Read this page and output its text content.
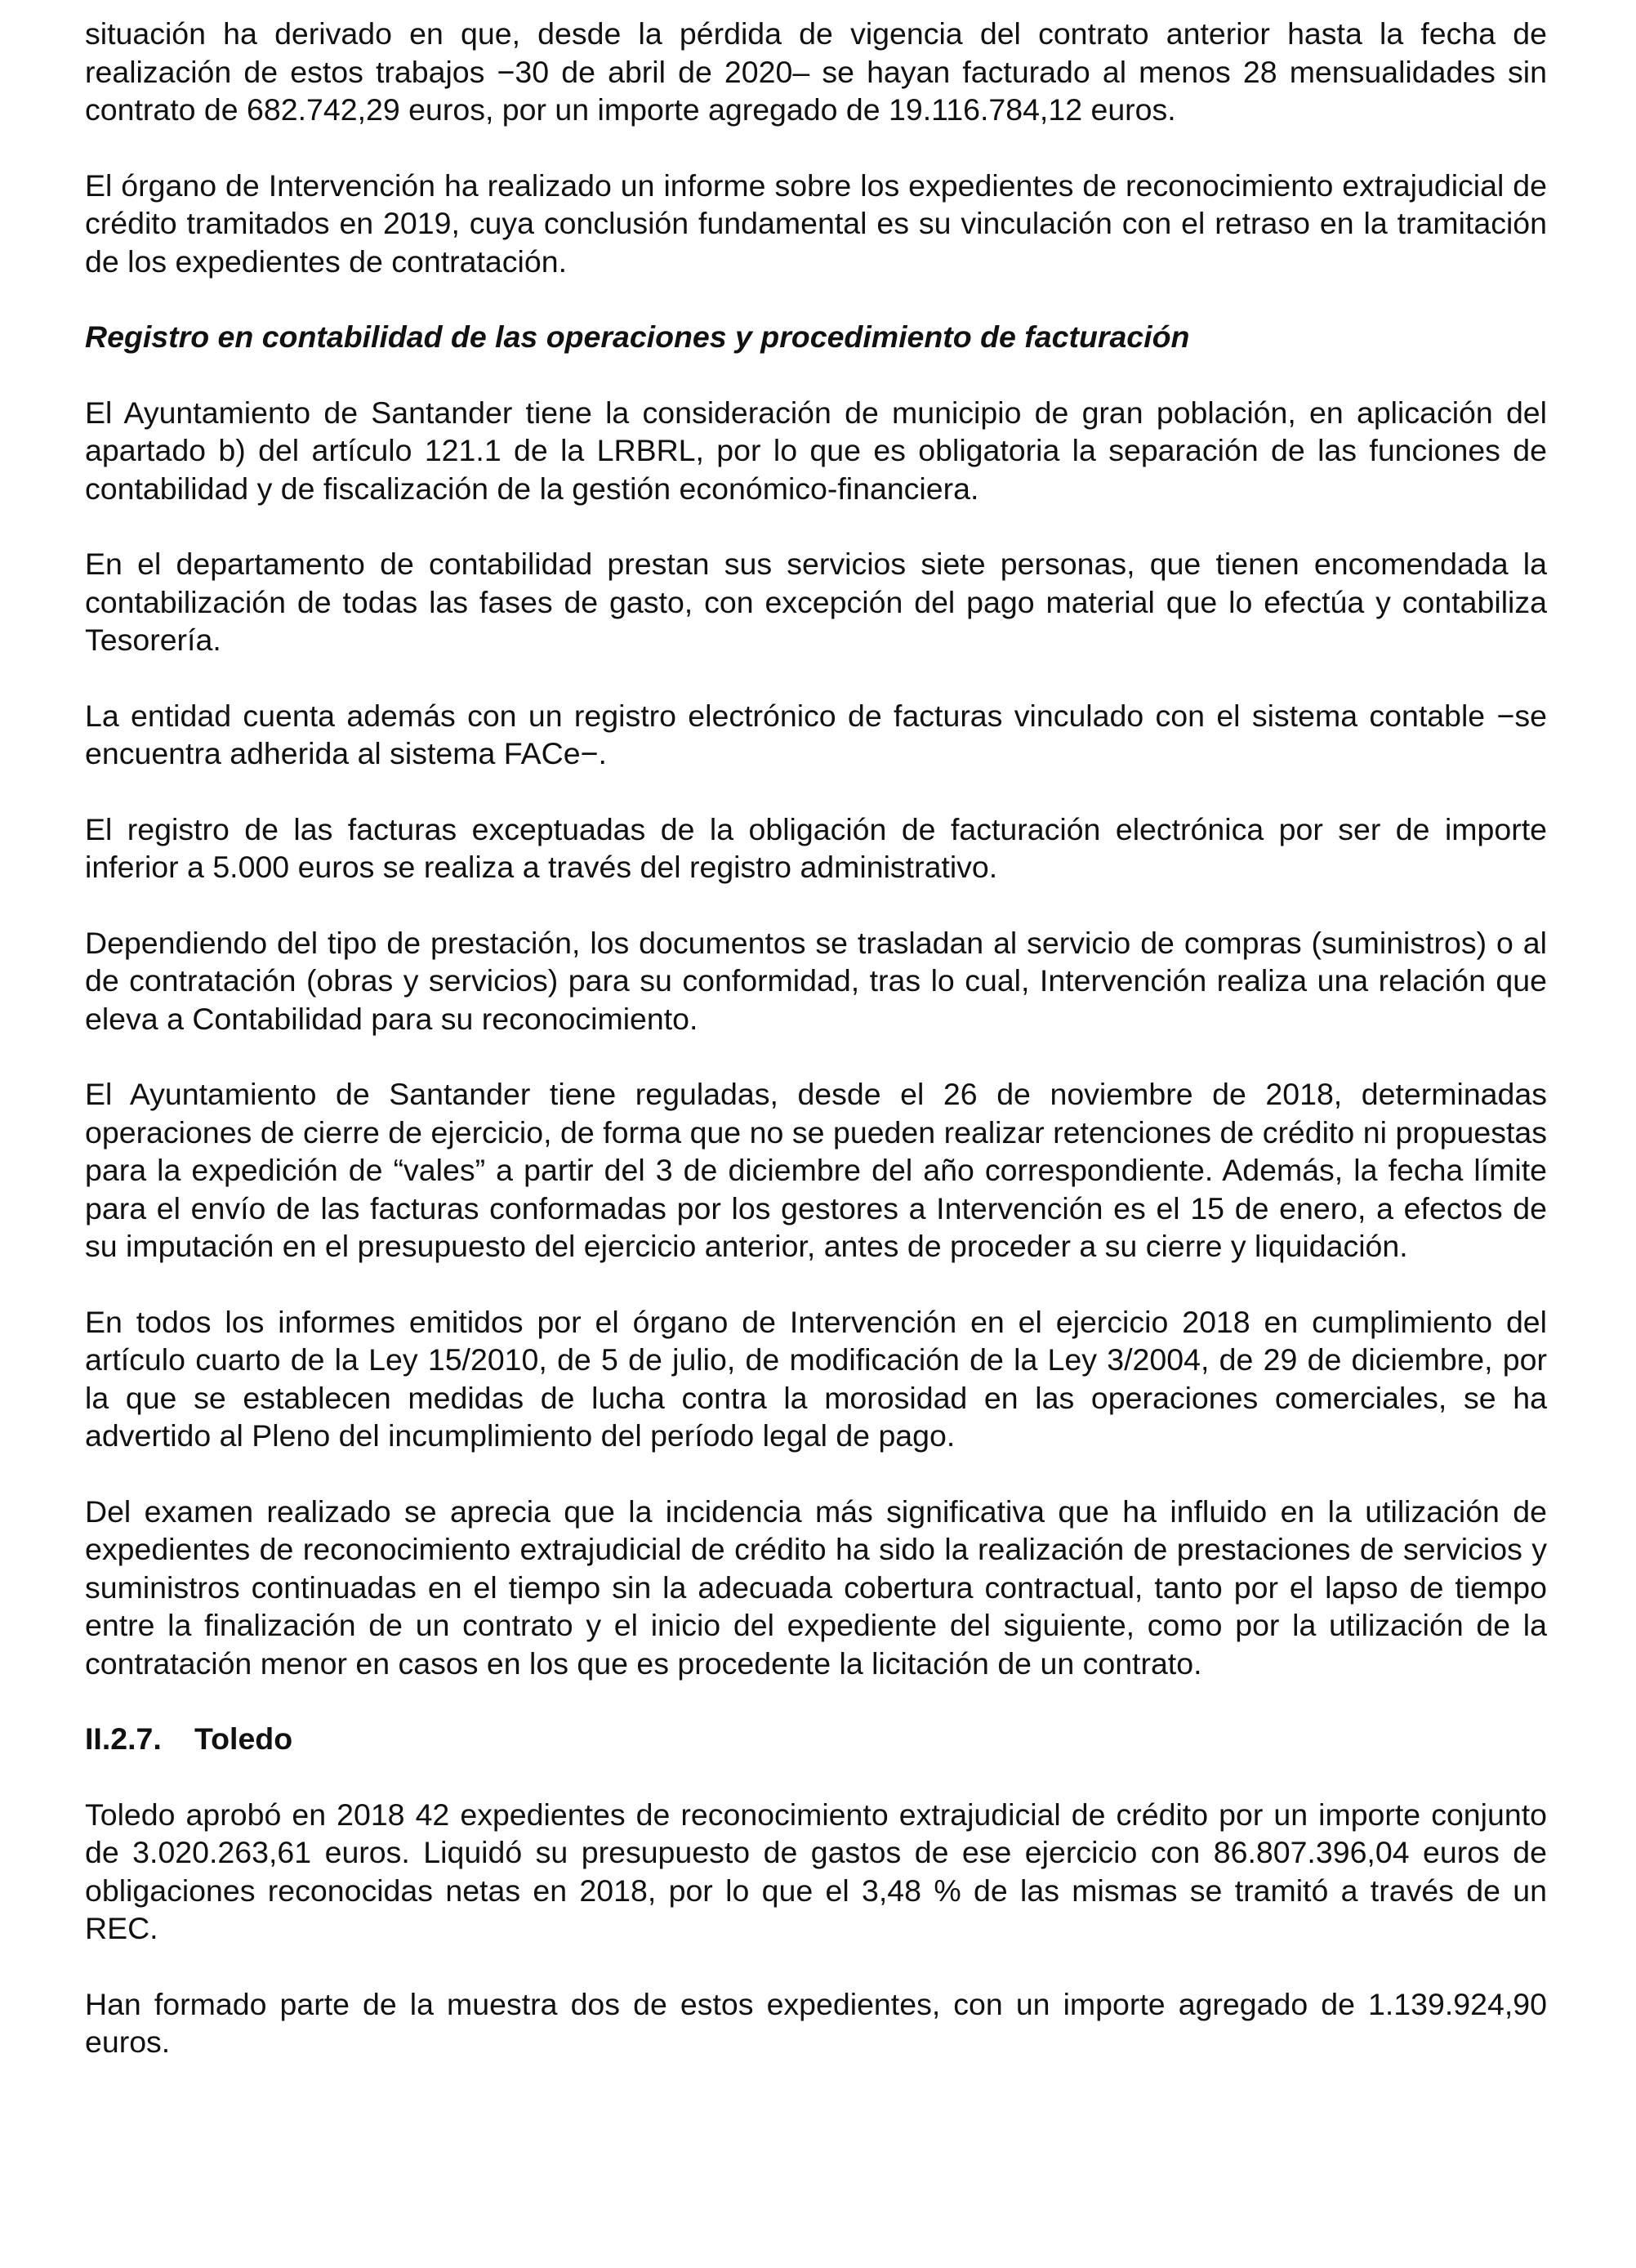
situación ha derivado en que, desde la pérdida de vigencia del contrato anterior hasta la fecha de realización de estos trabajos −30 de abril de 2020– se hayan facturado al menos 28 mensualidades sin contrato de 682.742,29 euros, por un importe agregado de 19.116.784,12 euros.

El órgano de Intervención ha realizado un informe sobre los expedientes de reconocimiento extrajudicial de crédito tramitados en 2019, cuya conclusión fundamental es su vinculación con el retraso en la tramitación de los expedientes de contratación.

Registro en contabilidad de las operaciones y procedimiento de facturación

El Ayuntamiento de Santander tiene la consideración de municipio de gran población, en aplicación del apartado b) del artículo 121.1 de la LRBRL, por lo que es obligatoria la separación de las funciones de contabilidad y de fiscalización de la gestión económico-financiera.

En el departamento de contabilidad prestan sus servicios siete personas, que tienen encomendada la contabilización de todas las fases de gasto, con excepción del pago material que lo efectúa y contabiliza Tesorería.

La entidad cuenta además con un registro electrónico de facturas vinculado con el sistema contable −se encuentra adherida al sistema FACe−.

El registro de las facturas exceptuadas de la obligación de facturación electrónica por ser de importe inferior a 5.000 euros se realiza a través del registro administrativo.

Dependiendo del tipo de prestación, los documentos se trasladan al servicio de compras (suministros) o al de contratación (obras y servicios) para su conformidad, tras lo cual, Intervención realiza una relación que eleva a Contabilidad para su reconocimiento.

El Ayuntamiento de Santander tiene reguladas, desde el 26 de noviembre de 2018, determinadas operaciones de cierre de ejercicio, de forma que no se pueden realizar retenciones de crédito ni propuestas para la expedición de “vales” a partir del 3 de diciembre del año correspondiente. Además, la fecha límite para el envío de las facturas conformadas por los gestores a Intervención es el 15 de enero, a efectos de su imputación en el presupuesto del ejercicio anterior, antes de proceder a su cierre y liquidación.

En todos los informes emitidos por el órgano de Intervención en el ejercicio 2018 en cumplimiento del artículo cuarto de la Ley 15/2010, de 5 de julio, de modificación de la Ley 3/2004, de 29 de diciembre, por la que se establecen medidas de lucha contra la morosidad en las operaciones comerciales, se ha advertido al Pleno del incumplimiento del período legal de pago.

Del examen realizado se aprecia que la incidencia más significativa que ha influido en la utilización de expedientes de reconocimiento extrajudicial de crédito ha sido la realización de prestaciones de servicios y suministros continuadas en el tiempo sin la adecuada cobertura contractual, tanto por el lapso de tiempo entre la finalización de un contrato y el inicio del expediente del siguiente, como por la utilización de la contratación menor en casos en los que es procedente la licitación de un contrato.

II.2.7. Toledo

Toledo aprobó en 2018 42 expedientes de reconocimiento extrajudicial de crédito por un importe conjunto de 3.020.263,61 euros. Liquidó su presupuesto de gastos de ese ejercicio con 86.807.396,04 euros de obligaciones reconocidas netas en 2018, por lo que el 3,48 % de las mismas se tramitó a través de un REC.

Han formado parte de la muestra dos de estos expedientes, con un importe agregado de 1.139.924,90 euros.
